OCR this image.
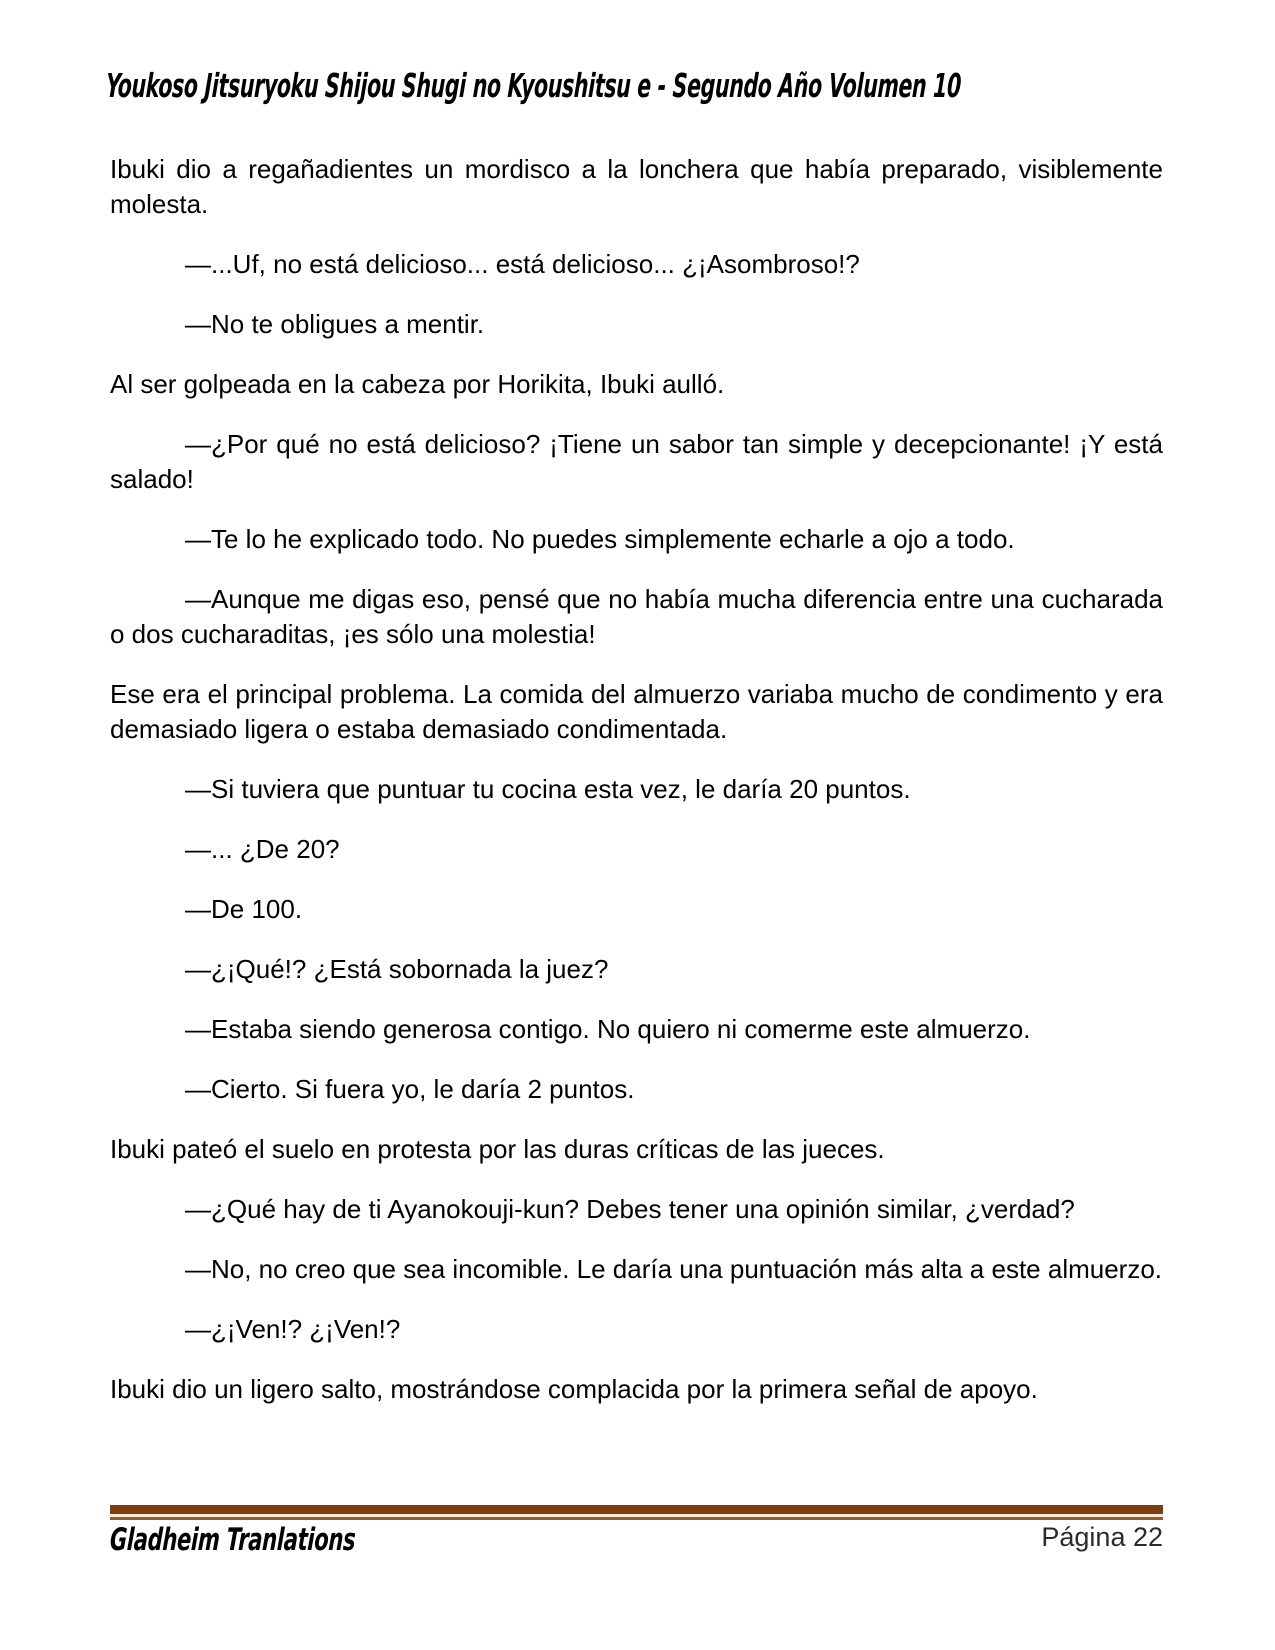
Youkoso Jitsuryoku Shijou Shugi no Kyoushitsu e - Segundo Año Volumen 10

Ibuki dio a regañadientes un mordisco a la lonchera que había preparado, visiblemente molesta.

—...Uf, no está delicioso... está delicioso... ¿¡Asombroso!?

—No te obligues a mentir.

Al ser golpeada en la cabeza por Horikita, Ibuki aulló.

—¿Por qué no está delicioso? ¡Tiene un sabor tan simple y decepcionante! ¡Y está salado!

—Te lo he explicado todo. No puedes simplemente echarle a ojo a todo.

—Aunque me digas eso, pensé que no había mucha diferencia entre una cucharada o dos cucharaditas, ¡es sólo una molestia!

Ese era el principal problema. La comida del almuerzo variaba mucho de condimento y era demasiado ligera o estaba demasiado condimentada.

—Si tuviera que puntuar tu cocina esta vez, le daría 20 puntos.

—... ¿De 20?

—De 100.

—¿¡Qué!? ¿Está sobornada la juez?

—Estaba siendo generosa contigo. No quiero ni comerme este almuerzo.

—Cierto. Si fuera yo, le daría 2 puntos.

Ibuki pateó el suelo en protesta por las duras críticas de las jueces.

—¿Qué hay de ti Ayanokouji-kun? Debes tener una opinión similar, ¿verdad?

—No, no creo que sea incomible. Le daría una puntuación más alta a este almuerzo.

—¿¡Ven!? ¿¡Ven!?

Ibuki dio un ligero salto, mostrándose complacida por la primera señal de apoyo.

Gladheim Tranlations	Página 22
